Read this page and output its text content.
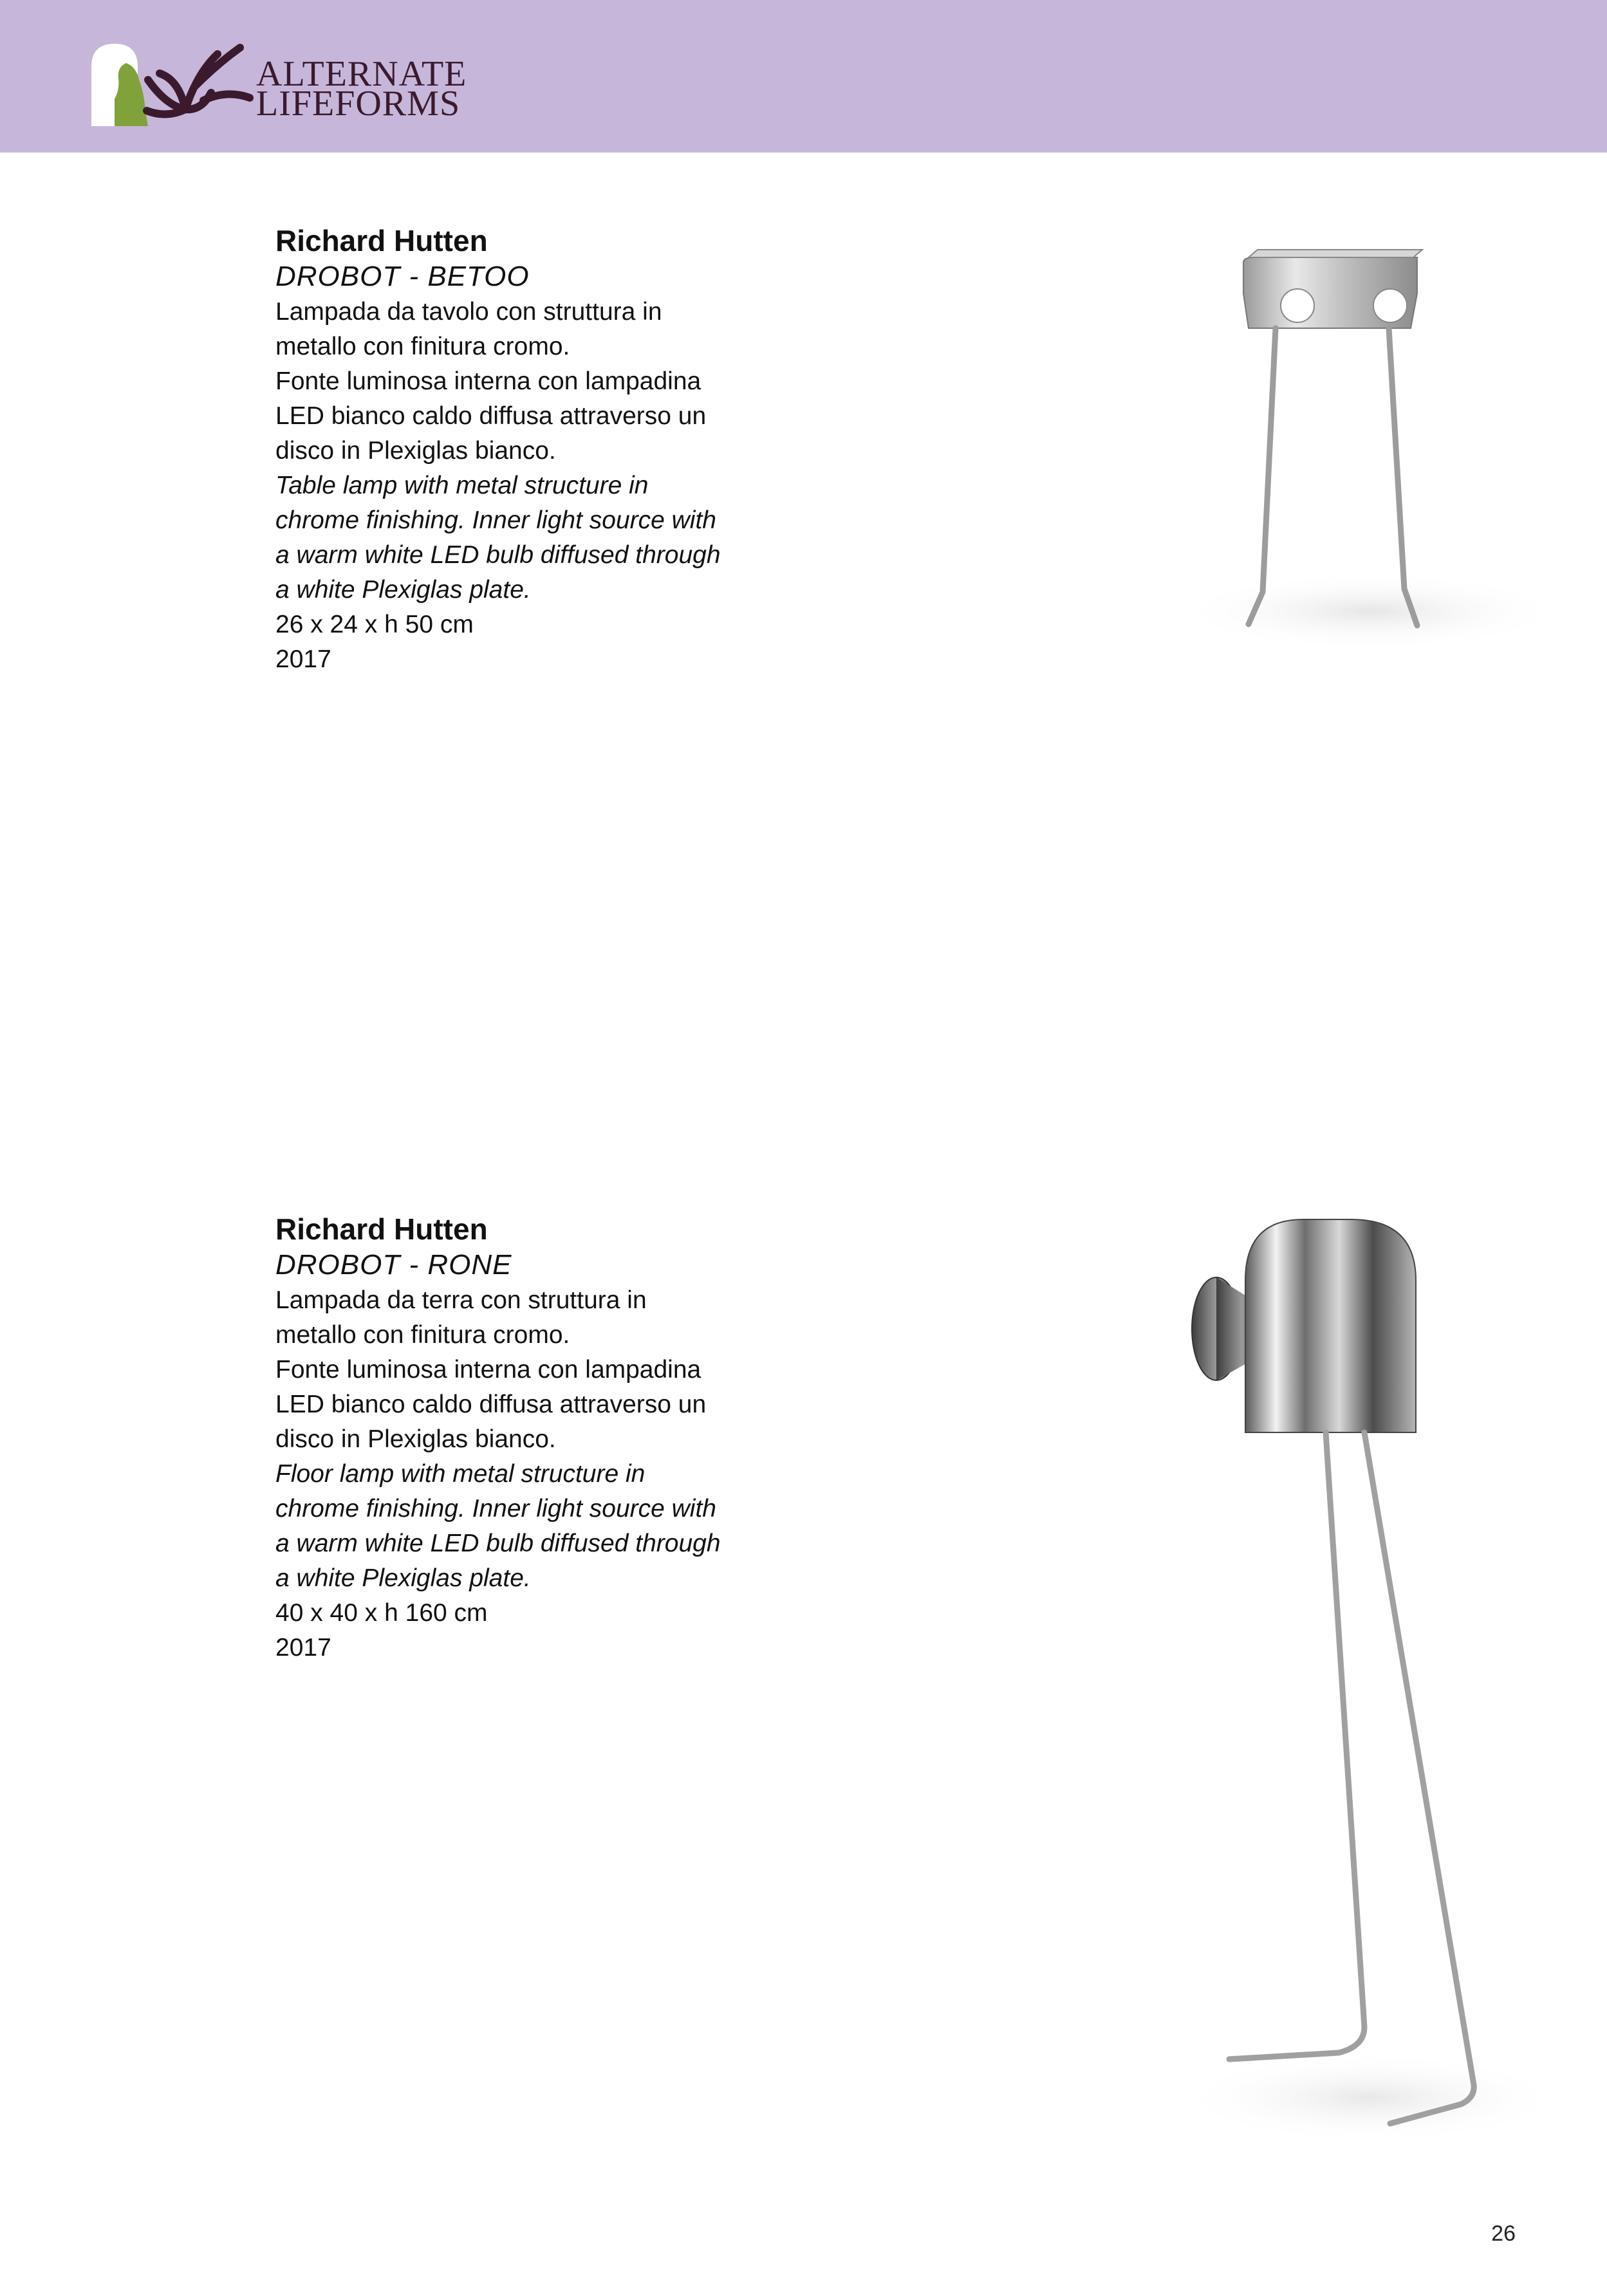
ALTERNATE
LIFEFORMS

Richard Hutten

DROBOT - BETOO

Lampada da tavolo con struttura in

metallo con finitura cromo.

Fonte luminosa interna con lampadina

LED bianco caldo diffusa attraverso un

disco in Plexiglas bianco.

Table lamp with metal structure in

chrome finishing. Inner light source with

a warm white LED bulb diffused through

a white Plexiglas plate.

26 x 24 x h 50 cm

2017

Richard Hutten

DROBOT - RONE

Lampada da terra con struttura in

metallo con finitura cromo.

Fonte luminosa interna con lampadina

LED bianco caldo diffusa attraverso un

disco in Plexiglas bianco.

Floor lamp with metal structure in

chrome finishing. Inner light source with

a warm white LED bulb diffused through

a white Plexiglas plate.

40 x 40 x h 160 cm

2017

26
